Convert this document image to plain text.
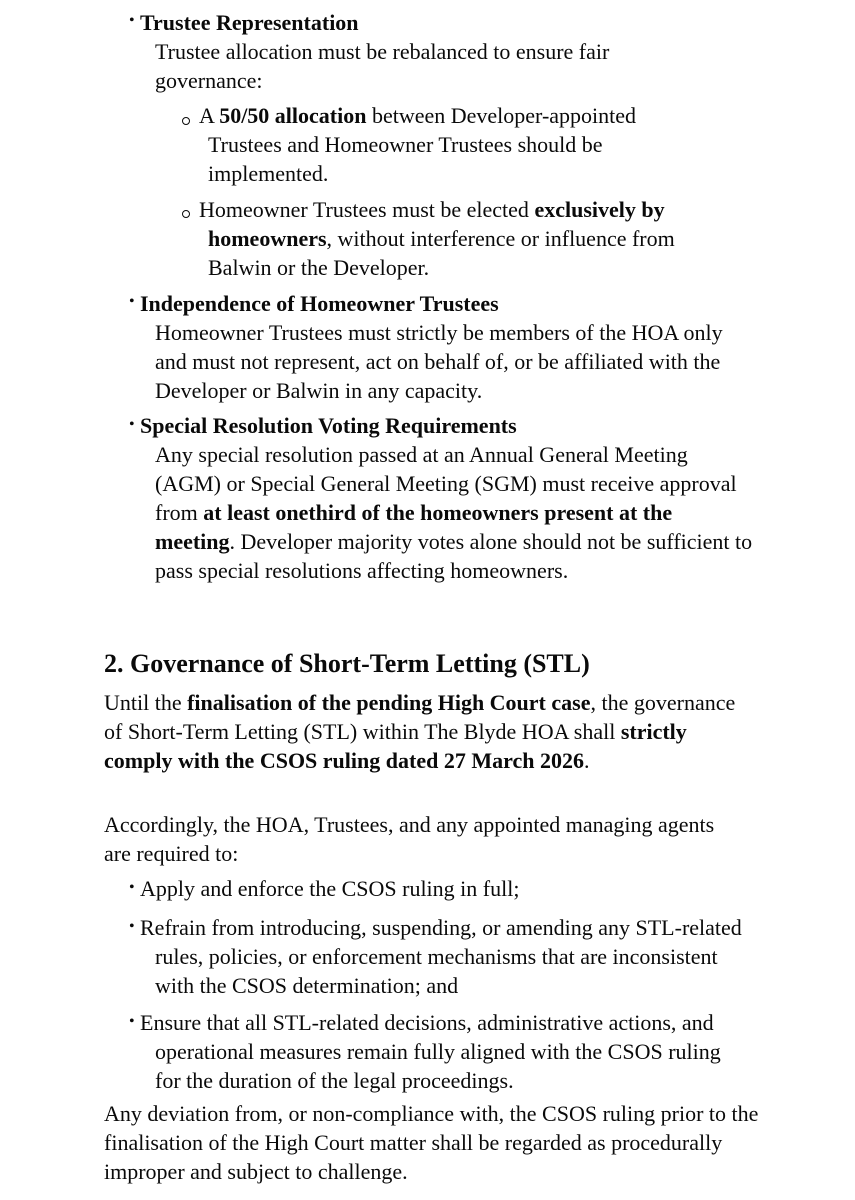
• Trustee Representation
Trustee allocation must be rebalanced to ensure fair governance:
A 50/50 allocation between Developer-appointed Trustees and Homeowner Trustees should be implemented.
Homeowner Trustees must be elected exclusively by homeowners, without interference or influence from Balwin or the Developer.
• Independence of Homeowner Trustees
Homeowner Trustees must strictly be members of the HOA only and must not represent, act on behalf of, or be affiliated with the Developer or Balwin in any capacity.
• Special Resolution Voting Requirements
Any special resolution passed at an Annual General Meeting (AGM) or Special General Meeting (SGM) must receive approval from at least onethird of the homeowners present at the meeting. Developer majority votes alone should not be sufficient to pass special resolutions affecting homeowners.
2. Governance of Short-Term Letting (STL)

Until the finalisation of the pending High Court case, the governance of Short-Term Letting (STL) within The Blyde HOA shall strictly comply with the CSOS ruling dated 27 March 2026.

Accordingly, the HOA, Trustees, and any appointed managing agents are required to:

• Apply and enforce the CSOS ruling in full;
• Refrain from introducing, suspending, or amending any STL-related rules, policies, or enforcement mechanisms that are inconsistent with the CSOS determination; and
• Ensure that all STL-related decisions, administrative actions, and operational measures remain fully aligned with the CSOS ruling for the duration of the legal proceedings.

Any deviation from, or non-compliance with, the CSOS ruling prior to the finalisation of the High Court matter shall be regarded as procedurally improper and subject to challenge.
